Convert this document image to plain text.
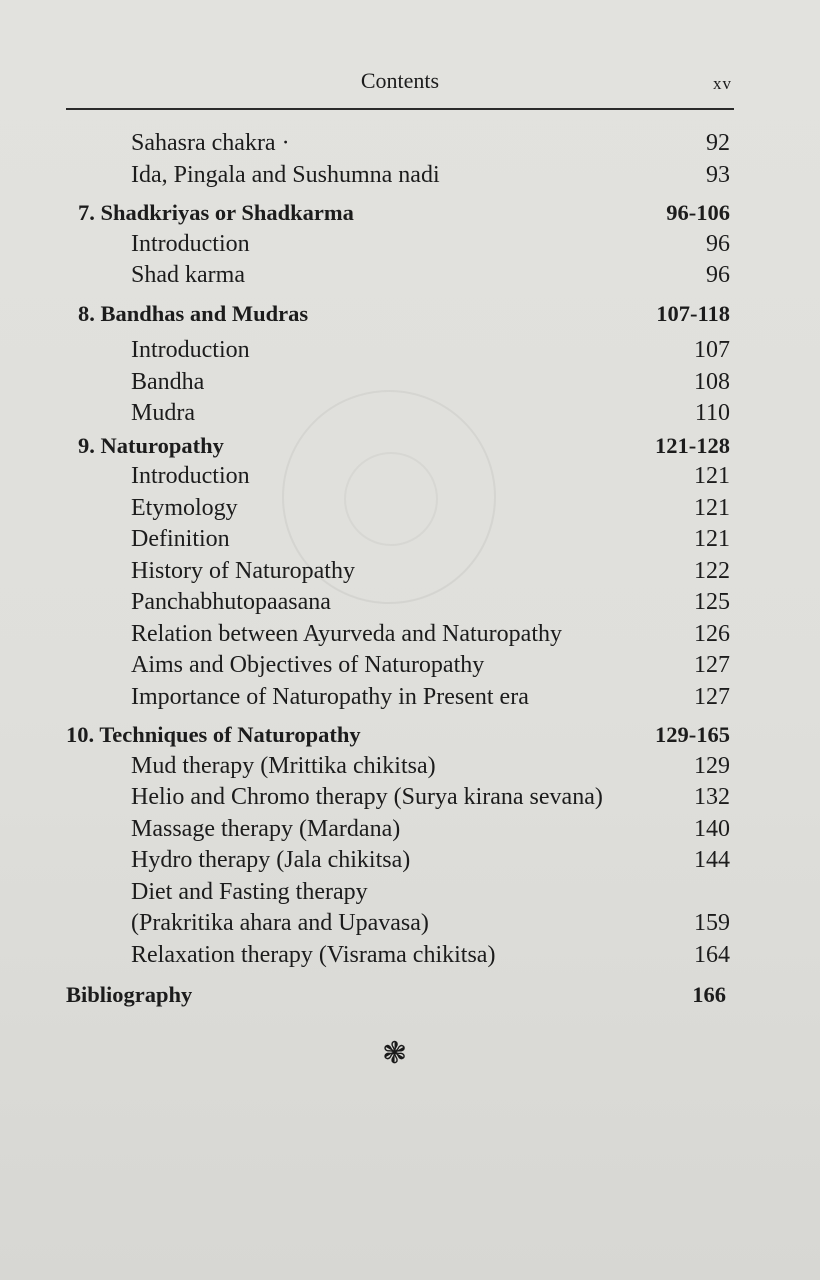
Contents	xv
Sahasra chakra ·	92
Ida, Pingala and Sushumna nadi	93
7. Shadkriyas or Shadkarma	96-106
Introduction	96
Shad karma	96
8. Bandhas and Mudras	107-118
Introduction	107
Bandha	108
Mudra	110
9. Naturopathy	121-128
Introduction	121
Etymology	121
Definition	121
History of Naturopathy	122
Panchabhutopaasana	125
Relation between Ayurveda and Naturopathy	126
Aims and Objectives of Naturopathy	127
Importance of Naturopathy in Present era	127
10. Techniques of Naturopathy	129-165
Mud therapy (Mrittika chikitsa)	129
Helio and Chromo therapy (Surya kirana sevana)	132
Massage therapy (Mardana)	140
Hydro therapy (Jala chikitsa)	144
Diet and Fasting therapy
(Prakritika ahara and Upavasa)	159
Relaxation therapy (Visrama chikitsa)	164
Bibliography	166
❃
